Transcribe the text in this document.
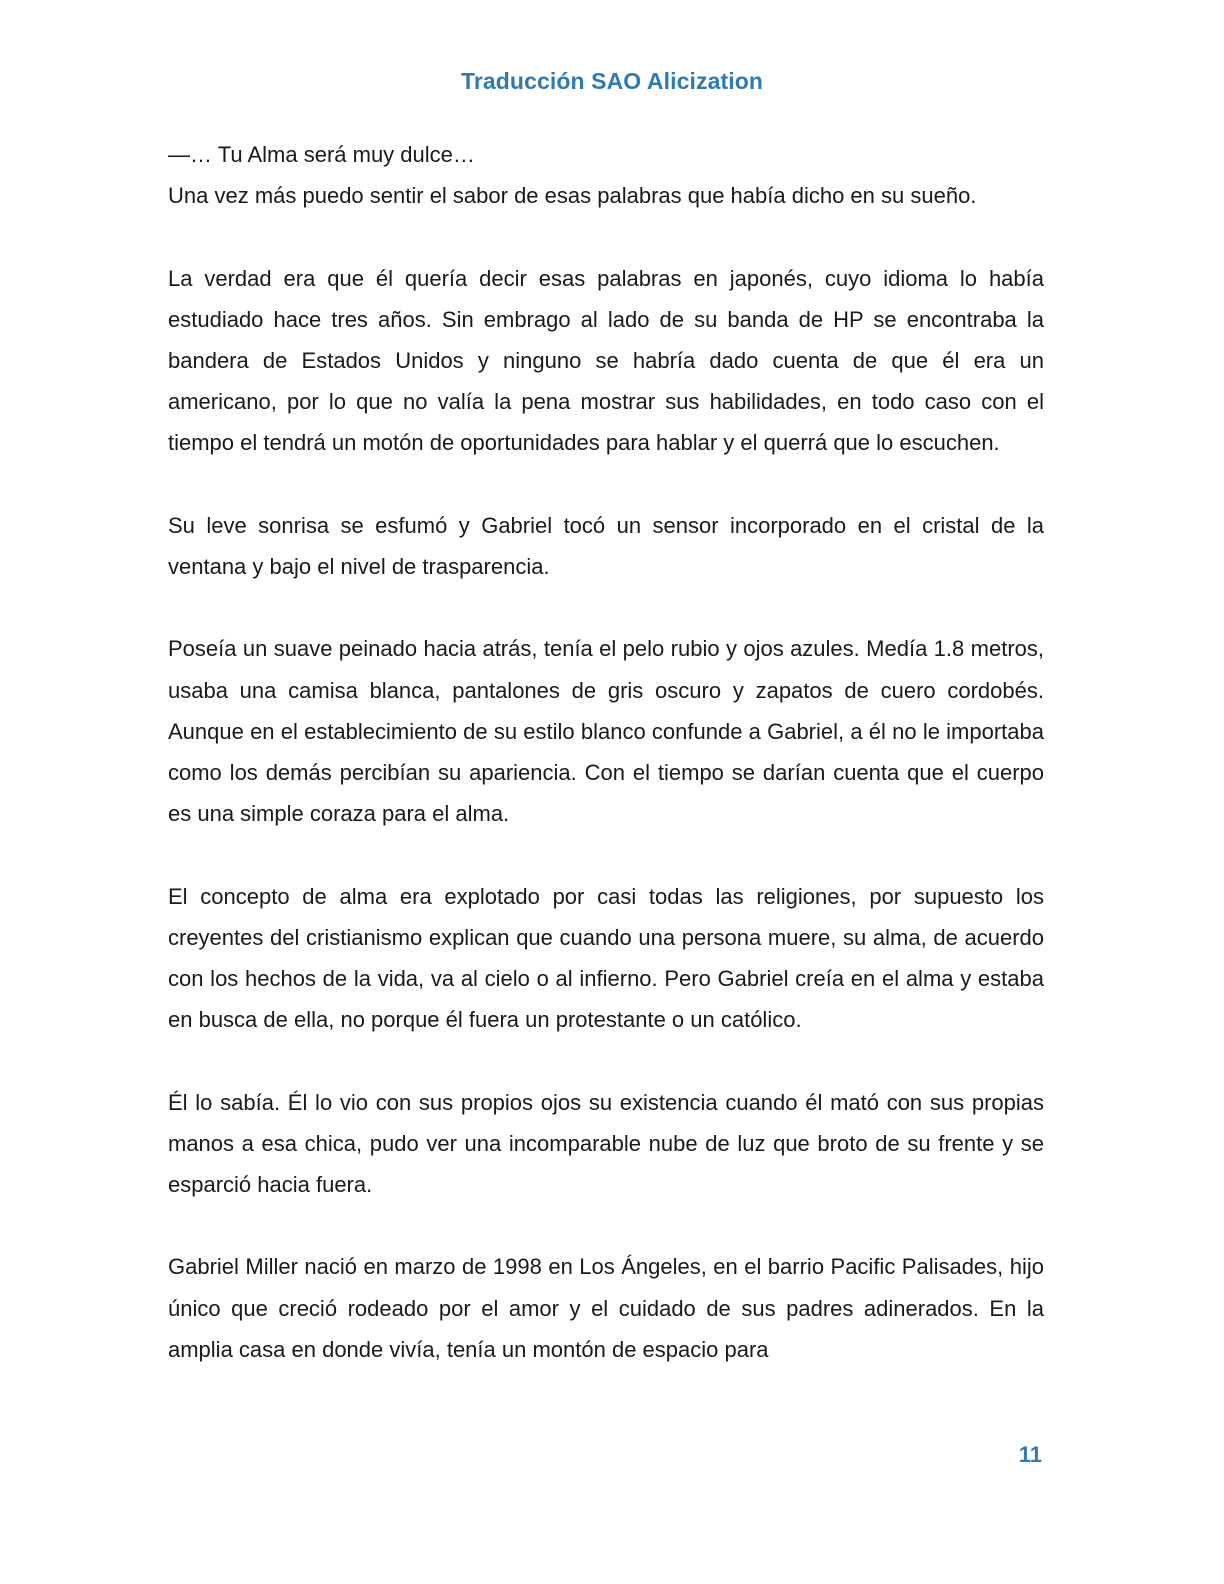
Traducción SAO Alicization

—… Tu Alma será muy dulce…

Una vez más puedo sentir el sabor de esas palabras que había dicho en su sueño.

La verdad era que él quería decir esas palabras en japonés, cuyo idioma lo había estudiado hace tres años. Sin embrago al lado de su banda de HP se encontraba la bandera de Estados Unidos y ninguno se habría dado cuenta de que él era un americano, por lo que no valía la pena mostrar sus habilidades, en todo caso con el tiempo el tendrá un motón de oportunidades para hablar y el querrá que lo escuchen.

Su leve sonrisa se esfumó y Gabriel tocó un sensor incorporado en el cristal de la ventana y bajo el nivel de trasparencia.

Poseía un suave peinado hacia atrás, tenía el pelo rubio y ojos azules. Medía 1.8 metros, usaba una camisa blanca, pantalones de gris oscuro y zapatos de cuero cordobés. Aunque en el establecimiento de su estilo blanco confunde a Gabriel, a él no le importaba como los demás percibían su apariencia. Con el tiempo se darían cuenta que el cuerpo es una simple coraza para el alma.

El concepto de alma era explotado por casi todas las religiones, por supuesto los creyentes del cristianismo explican que cuando una persona muere, su alma, de acuerdo con los hechos de la vida, va al cielo o al infierno. Pero Gabriel creía en el alma y estaba en busca de ella, no porque él fuera un protestante o un católico.

Él lo sabía. Él lo vio con sus propios ojos su existencia cuando él mató con sus propias manos a esa chica, pudo ver una incomparable nube de luz que broto de su frente y se esparció hacia fuera.

Gabriel Miller nació en marzo de 1998 en Los Ángeles, en el barrio Pacific Palisades, hijo único que creció rodeado por el amor y el cuidado de sus padres adinerados. En la amplia casa en donde vivía, tenía un montón de espacio para

11
